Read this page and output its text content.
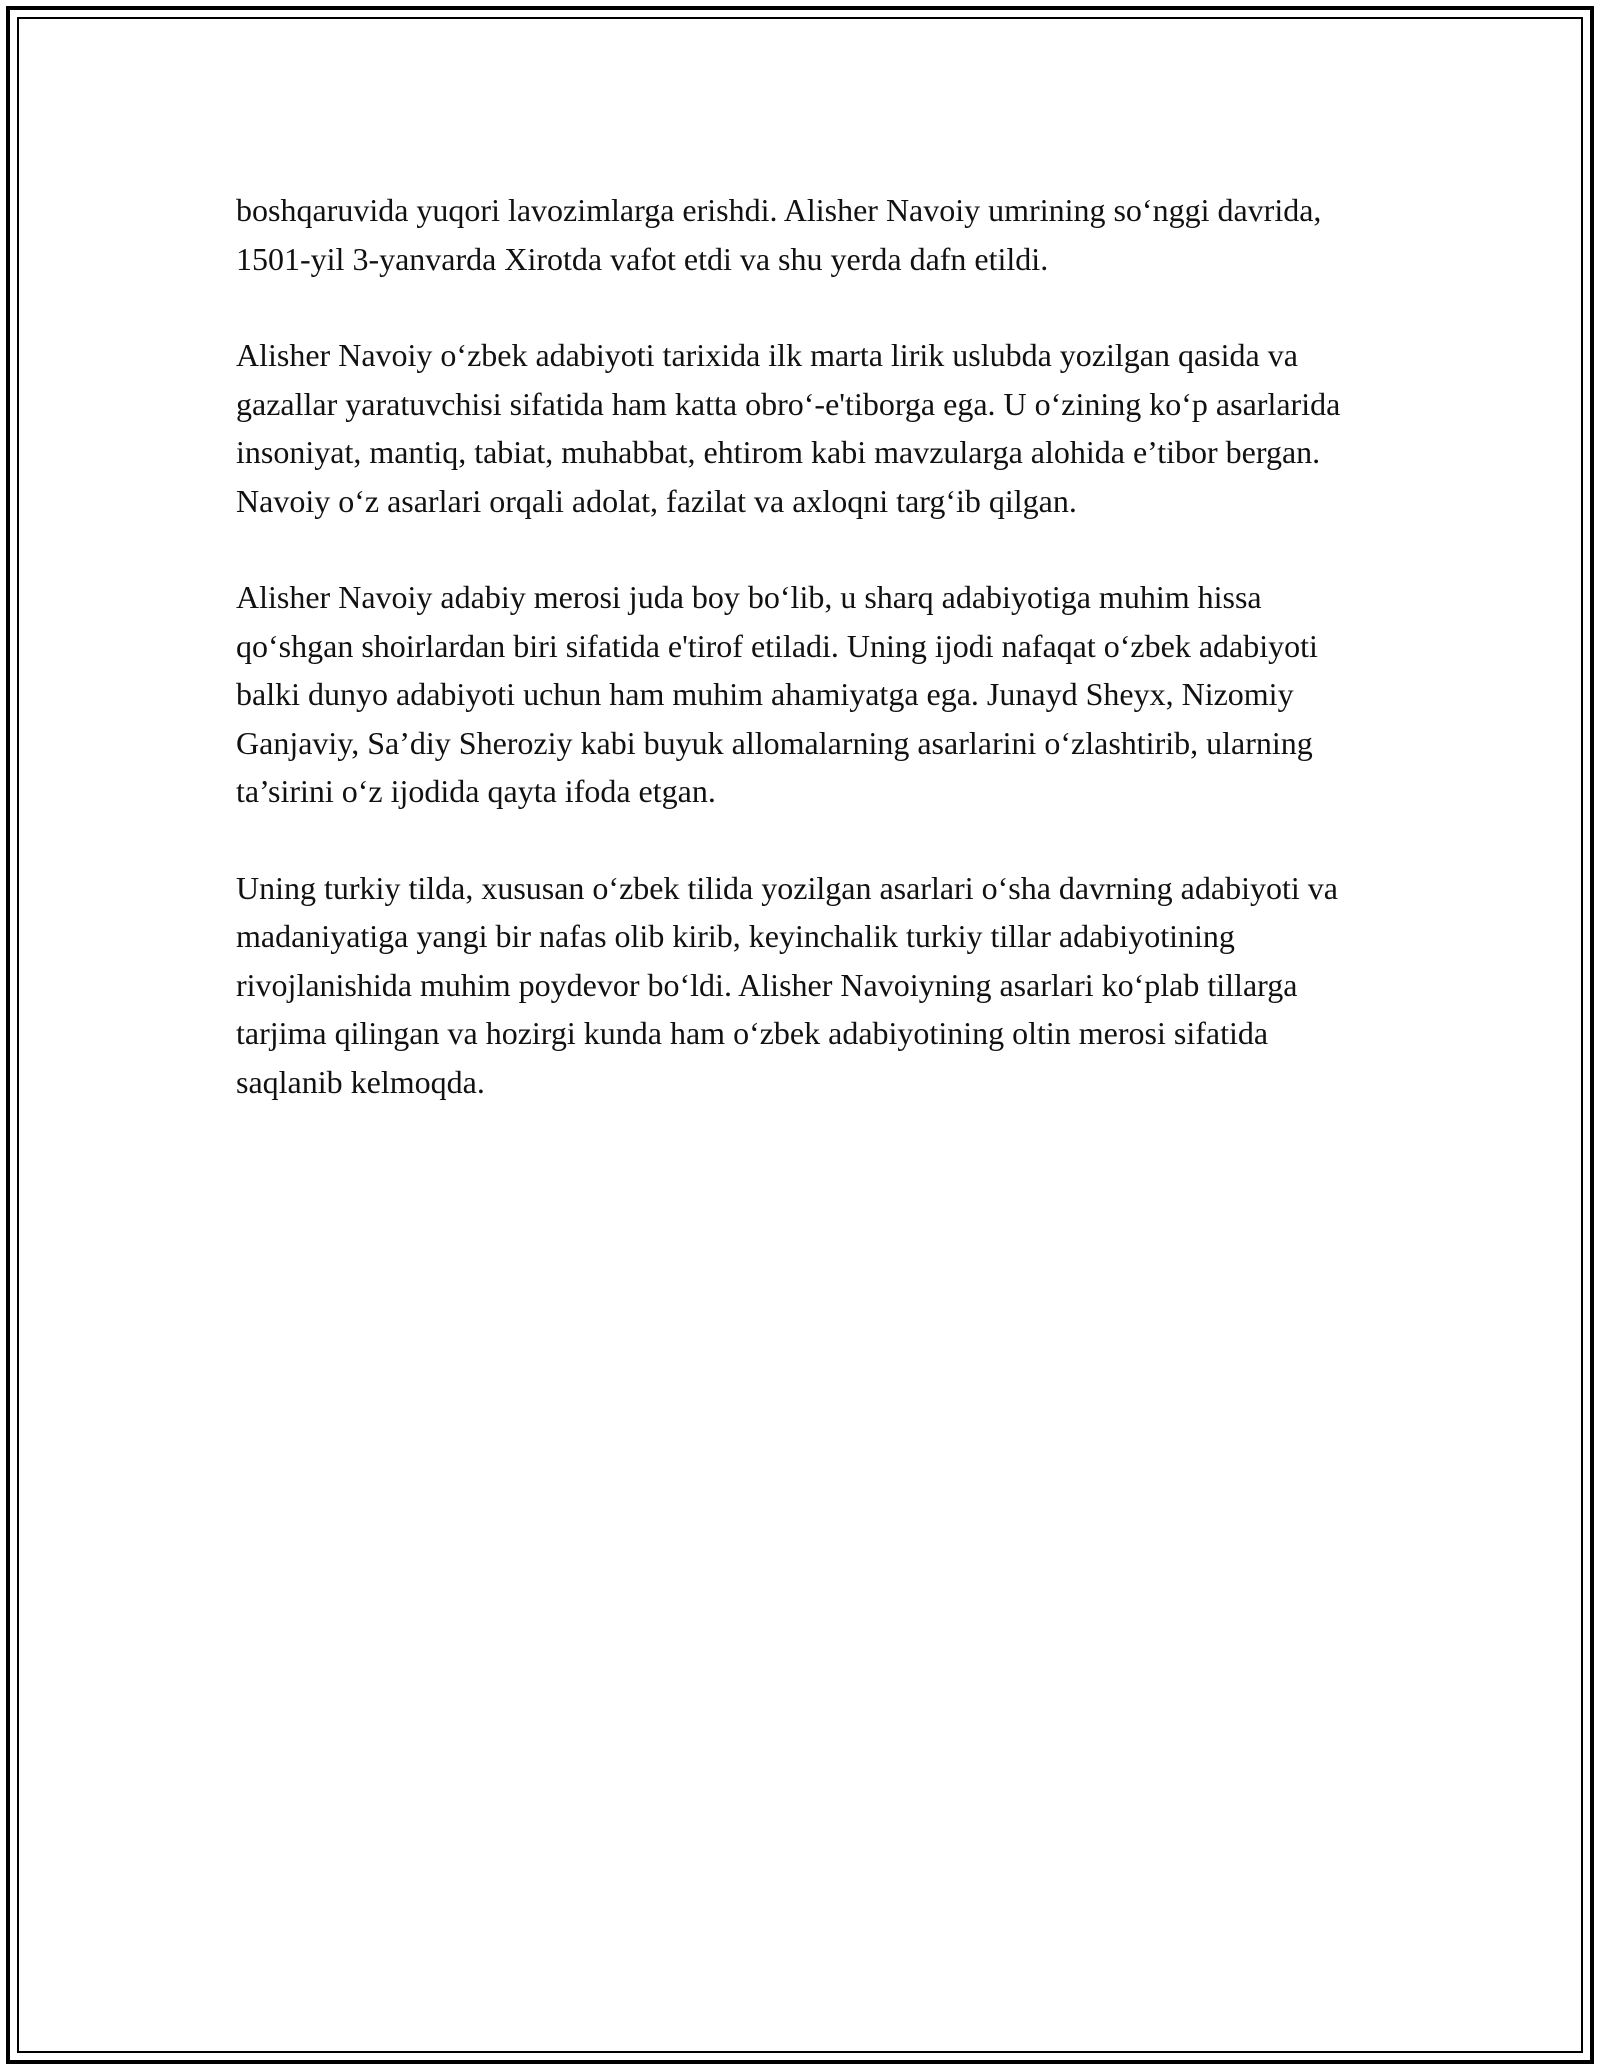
boshqaruvida yuqori lavozimlarga erishdi. Alisher Navoiy umrining so‘nggi davrida, 1501-yil 3-yanvarda Xirotda vafot etdi va shu yerda dafn etildi.

Alisher Navoiy o‘zbek adabiyoti tarixida ilk marta lirik uslubda yozilgan qasida va gazallar yaratuvchisi sifatida ham katta obro‘-e'tiborga ega. U o‘zining ko‘p asarlarida insoniyat, mantiq, tabiat, muhabbat, ehtirom kabi mavzularga alohida e’tibor bergan. Navoiy o‘z asarlari orqali adolat, fazilat va axloqni targ‘ib qilgan.

Alisher Navoiy adabiy merosi juda boy bo‘lib, u sharq adabiyotiga muhim hissa qo‘shgan shoirlardan biri sifatida e'tirof etiladi. Uning ijodi nafaqat o‘zbek adabiyoti balki dunyo adabiyoti uchun ham muhim ahamiyatga ega. Junayd Sheyx, Nizomiy Ganjaviy, Sa’diy Sheroziy kabi buyuk allomalarning asarlarini o‘zlashtirib, ularning ta’sirini o‘z ijodida qayta ifoda etgan.

Uning turkiy tilda, xususan o‘zbek tilida yozilgan asarlari o‘sha davrning adabiyoti va madaniyatiga yangi bir nafas olib kirib, keyinchalik turkiy tillar adabiyotining rivojlanishida muhim poydevor bo‘ldi. Alisher Navoiyning asarlari ko‘plab tillarga tarjima qilingan va hozirgi kunda ham o‘zbek adabiyotining oltin merosi sifatida saqlanib kelmoqda.
